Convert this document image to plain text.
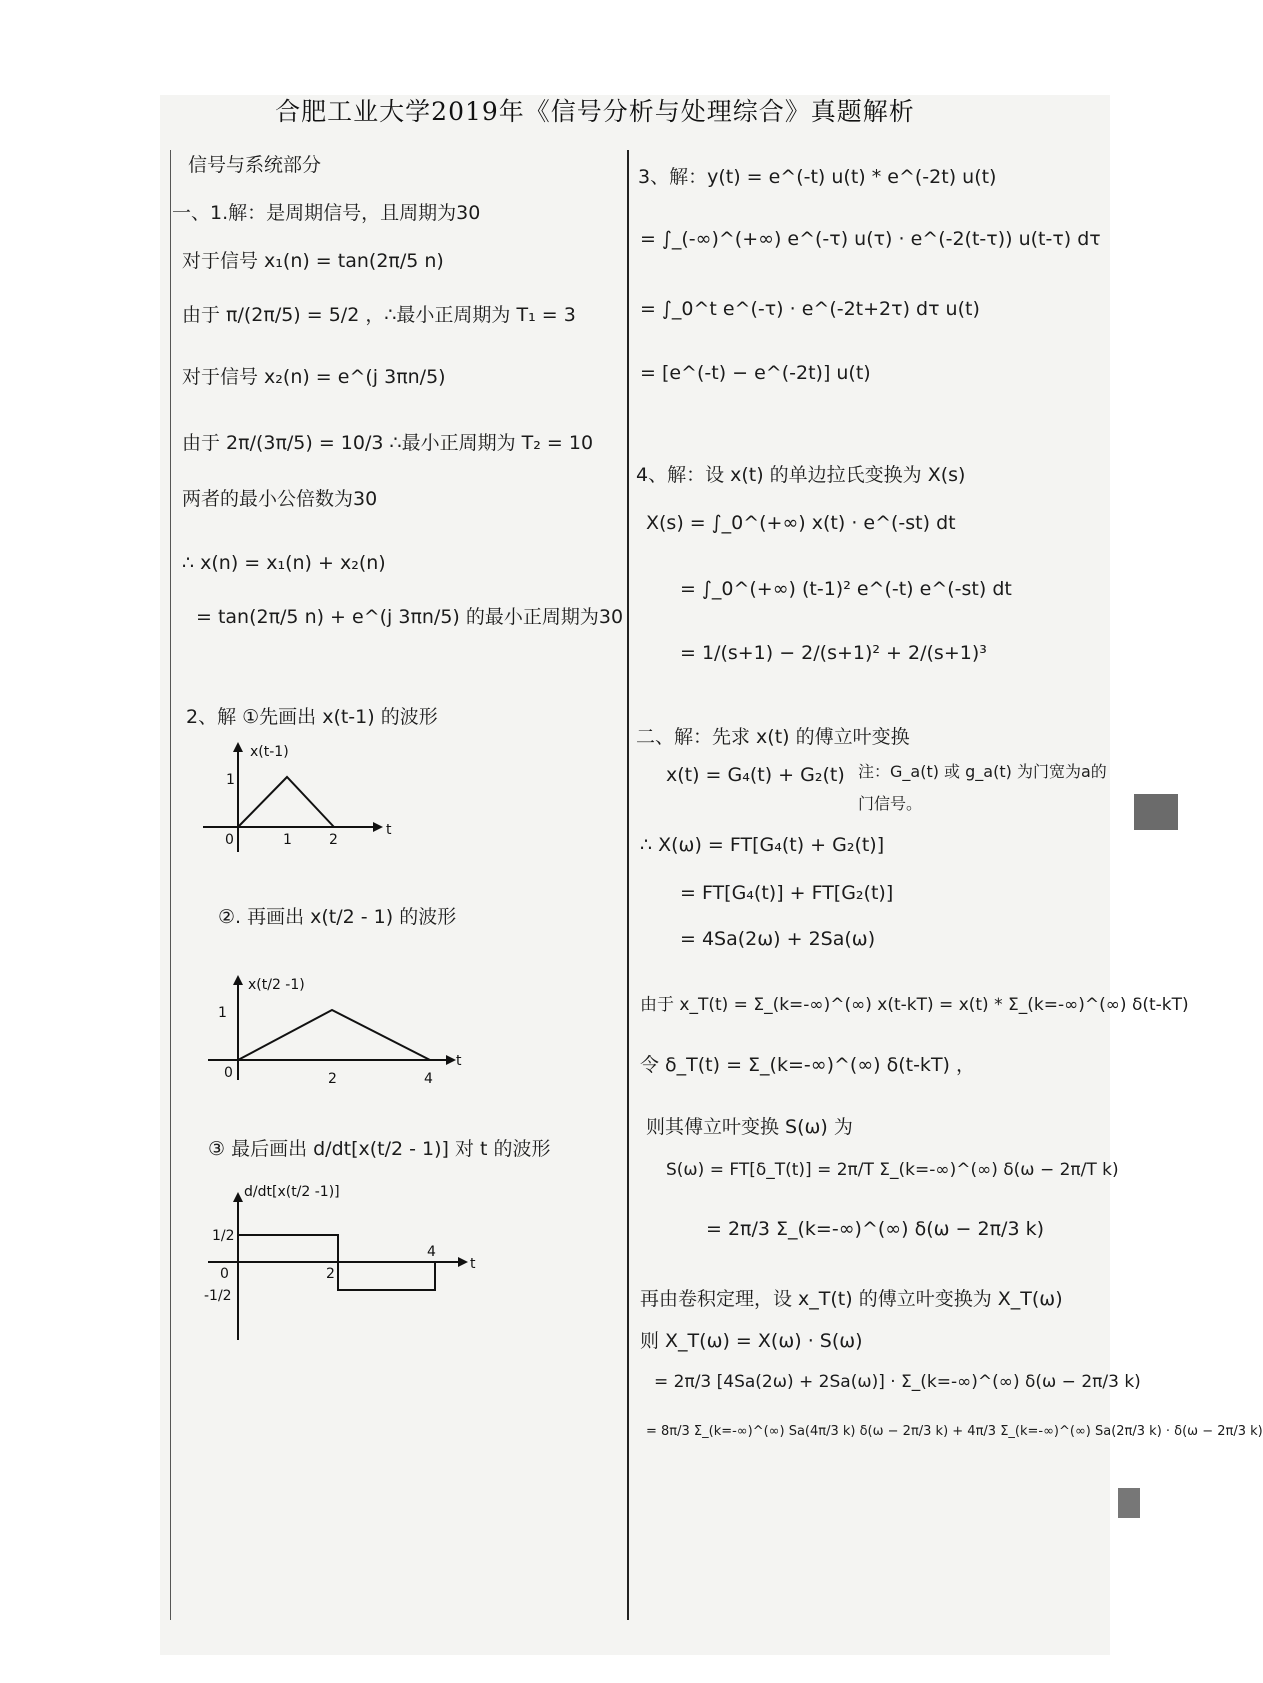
合肥工业大学2019年《信号分析与处理综合》真题解析
信号与系统部分
一、1.解：是周期信号，且周期为30
对于信号 x₁(n) = tan(2π/5 n)
由于 π/(2π/5) = 5/2 ，∴最小正周期为 T₁ = 3
对于信号 x₂(n) = e^(j 3πn/5)
由于 2π/(3π/5) = 10/3 ∴最小正周期为 T₂ = 10
两者的最小公倍数为30
∴ x(n) = x₁(n) + x₂(n)
= tan(2π/5 n) + e^(j 3πn/5) 的最小正周期为30
2、解 ①先画出 x(t-1) 的波形
x(t-1)
t
1
0	1	2
②. 再画出 x(t/2 - 1) 的波形
x(t/2 -1)
t
1
0	2	4
③ 最后画出 d/dt[x(t/2 - 1)] 对 t 的波形
d/dt[x(t/2 -1)]
t
1/2
0
-1/2
2
4
3、解：y(t) = e^(-t) u(t) * e^(-2t) u(t)
= ∫_(-∞)^(+∞) e^(-τ) u(τ) · e^(-2(t-τ)) u(t-τ) dτ
= ∫_0^t e^(-τ) · e^(-2t+2τ) dτ u(t)
= [e^(-t) − e^(-2t)] u(t)
4、解：设 x(t) 的单边拉氏变换为 X(s)
X(s) = ∫_0^(+∞) x(t) · e^(-st) dt
= ∫_0^(+∞) (t-1)² e^(-t) e^(-st) dt
= 1/(s+1) − 2/(s+1)² + 2/(s+1)³
二、解：先求 x(t) 的傅立叶变换
x(t) = G₄(t) + G₂(t) 注：G_a(t) 或 g_a(t) 为门宽为a的门信号。
∴ X(ω) = FT[G₄(t) + G₂(t)]
= FT[G₄(t)] + FT[G₂(t)]
= 4Sa(2ω) + 2Sa(ω)
由于 x_T(t) = Σ_(k=-∞)^(∞) x(t-kT) = x(t) * Σ_(k=-∞)^(∞) δ(t-kT)
令 δ_T(t) = Σ_(k=-∞)^(∞) δ(t-kT) ，
则其傅立叶变换 S(ω) 为
S(ω) = FT[δ_T(t)] = 2π/T Σ_(k=-∞)^(∞) δ(ω − 2π/T k)
= 2π/3 Σ_(k=-∞)^(∞) δ(ω − 2π/3 k)
再由卷积定理，设 x_T(t) 的傅立叶变换为 X_T(ω)
则 X_T(ω) = X(ω) · S(ω)
= 2π/3 [4Sa(2ω) + 2Sa(ω)] · Σ_(k=-∞)^(∞) δ(ω − 2π/3 k)
= 8π/3 Σ_(k=-∞)^(∞) Sa(4π/3 k) δ(ω − 2π/3 k) + 4π/3 Σ_(k=-∞)^(∞) Sa(2π/3 k) · δ(ω − 2π/3 k)
